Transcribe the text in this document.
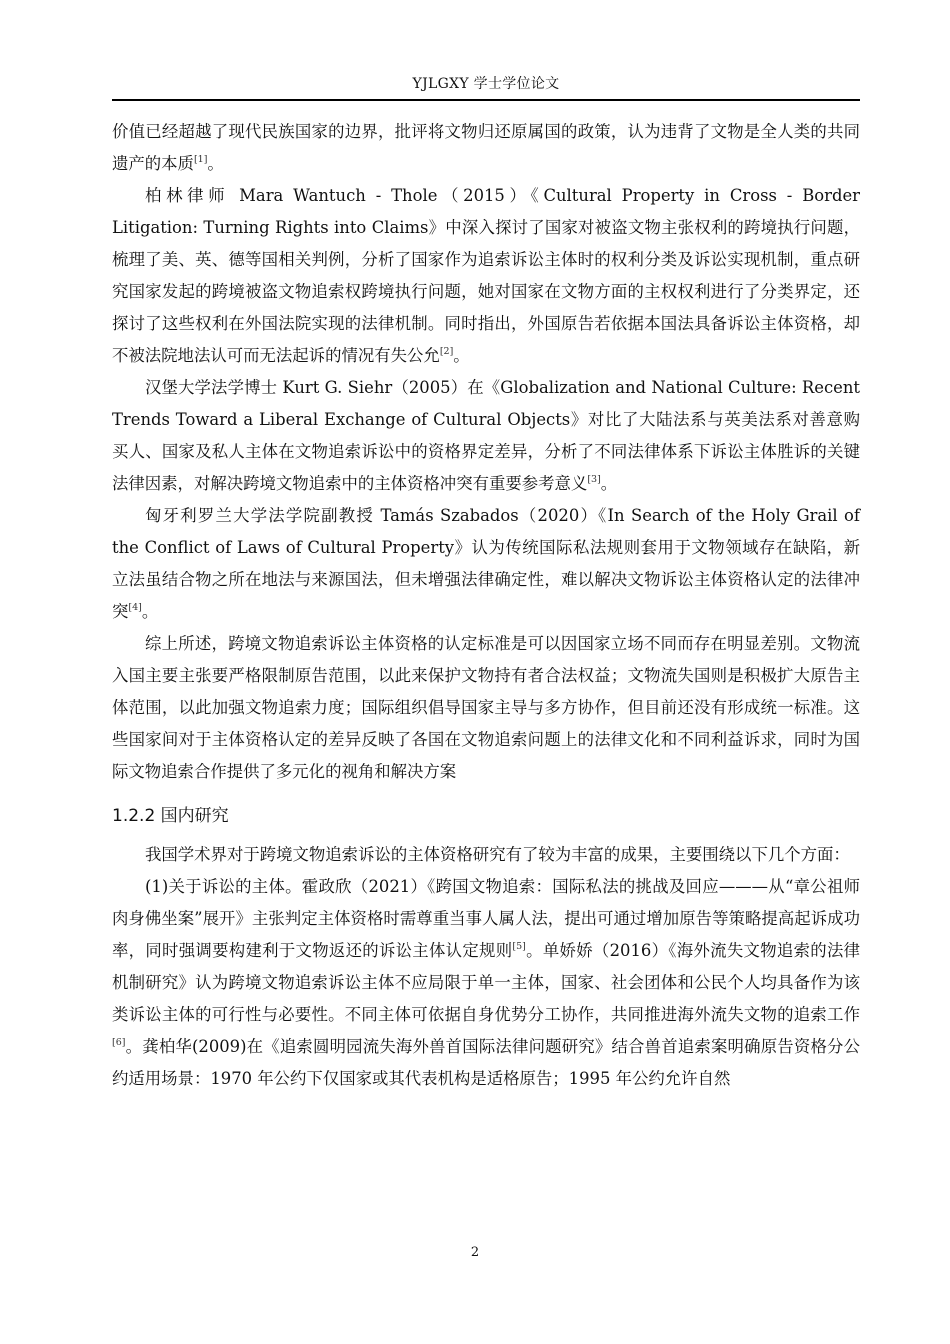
YJLGXY 学士学位论文

价值已经超越了现代民族国家的边界，批评将文物归还原属国的政策，认为违背了文物是全人类的共同遗产的本质[1]。

柏林律师 Mara Wantuch - Thole（2015）《Cultural Property in Cross - Border Litigation: Turning Rights into Claims》中深入探讨了国家对被盗文物主张权利的跨境执行问题，梳理了美、英、德等国相关判例，分析了国家作为追索诉讼主体时的权利分类及诉讼实现机制，重点研究国家发起的跨境被盗文物追索权跨境执行问题，她对国家在文物方面的主权权利进行了分类界定，还探讨了这些权利在外国法院实现的法律机制。同时指出，外国原告若依据本国法具备诉讼主体资格，却不被法院地法认可而无法起诉的情况有失公允[2]。

汉堡大学法学博士 Kurt G. Siehr（2005）在《Globalization and National Culture: Recent Trends Toward a Liberal Exchange of Cultural Objects》对比了大陆法系与英美法系对善意购买人、国家及私人主体在文物追索诉讼中的资格界定差异，分析了不同法律体系下诉讼主体胜诉的关键法律因素，对解决跨境文物追索中的主体资格冲突有重要参考意义[3]。

匈牙利罗兰大学法学院副教授 Tamás Szabados（2020）《In Search of the Holy Grail of the Conflict of Laws of Cultural Property》认为传统国际私法规则套用于文物领域存在缺陷，新立法虽结合物之所在地法与来源国法，但未增强法律确定性，难以解决文物诉讼主体资格认定的法律冲突[4]。

综上所述，跨境文物追索诉讼主体资格的认定标准是可以因国家立场不同而存在明显差别。文物流入国主要主张要严格限制原告范围，以此来保护文物持有者合法权益；文物流失国则是积极扩大原告主体范围，以此加强文物追索力度；国际组织倡导国家主导与多方协作，但目前还没有形成统一标准。这些国家间对于主体资格认定的差异反映了各国在文物追索问题上的法律文化和不同利益诉求，同时为国际文物追索合作提供了多元化的视角和解决方案

1.2.2 国内研究

我国学术界对于跨境文物追索诉讼的主体资格研究有了较为丰富的成果，主要围绕以下几个方面：

(1)关于诉讼的主体。霍政欣（2021）《跨国文物追索：国际私法的挑战及回应———从“章公祖师肉身佛坐案”展开》主张判定主体资格时需尊重当事人属人法，提出可通过增加原告等策略提高起诉成功率，同时强调要构建利于文物返还的诉讼主体认定规则[5]。单娇娇（2016）《海外流失文物追索的法律机制研究》认为跨境文物追索诉讼主体不应局限于单一主体，国家、社会团体和公民个人均具备作为该类诉讼主体的可行性与必要性。不同主体可依据自身优势分工协作，共同推进海外流失文物的追索工作[6]。龚柏华(2009)在《追索圆明园流失海外兽首国际法律问题研究》结合兽首追索案明确原告资格分公约适用场景：1970 年公约下仅国家或其代表机构是适格原告；1995 年公约允许自然

2
